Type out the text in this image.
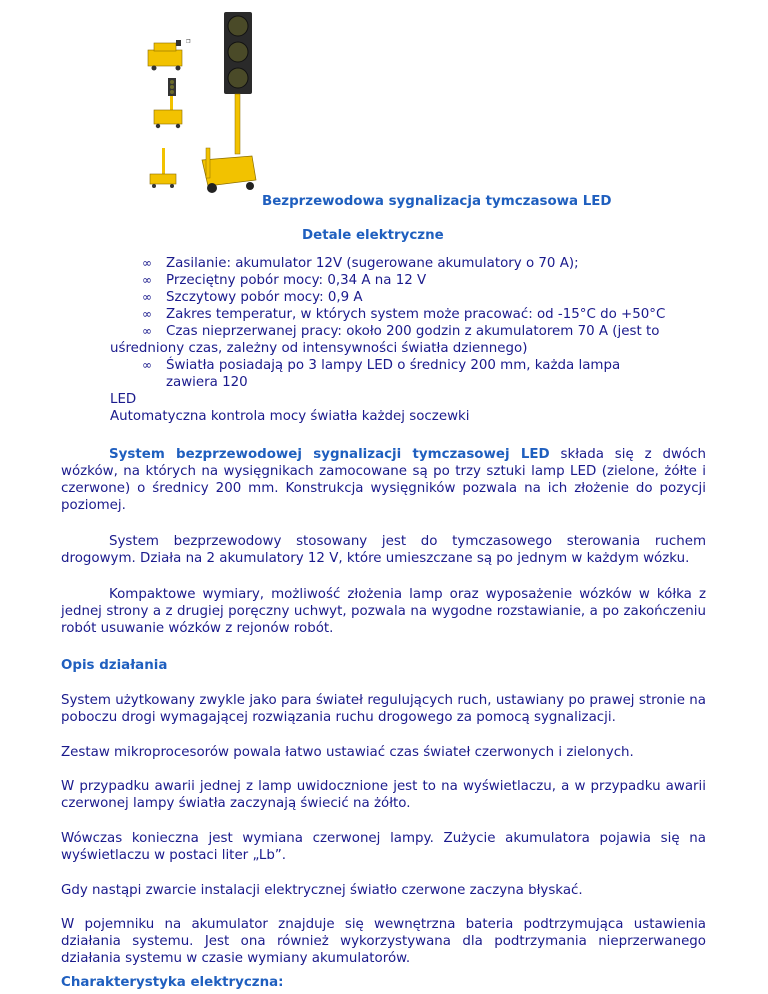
❐

Bezprzewodowa sygnalizacja tymczasowa LED

Detale elektryczne

∞ Zasilanie: akumulator 12V (sugerowane akumulatory o 70 A);
∞ Przeciętny pobór mocy: 0,34 A na 12 V
∞ Szczytowy pobór mocy: 0,9 A
∞ Zakres temperatur, w których system może pracować: od -15°C do +50°C
∞ Czas nieprzerwanej pracy: około 200 godzin z akumulatorem 70 A (jest to
uśredniony czas, zależny od intensywności światła dziennego)
∞ Światła posiadają po 3 lampy LED o średnicy 200 mm, każda lampa zawiera 120
LED
Automatyczna kontrola mocy światła każdej soczewki

System bezprzewodowej sygnalizacji tymczasowej LED składa się z dwóch wózków, na których na wysięgnikach zamocowane są po trzy sztuki lamp LED (zielone, żółte i czerwone) o średnicy 200 mm. Konstrukcja wysięgników pozwala na ich złożenie do pozycji poziomej.

System bezprzewodowy stosowany jest do tymczasowego sterowania ruchem drogowym. Działa na 2 akumulatory 12 V, które umieszczane są po jednym w każdym wózku.

Kompaktowe wymiary, możliwość złożenia lamp oraz wyposażenie wózków w kółka z jednej strony a z drugiej poręczny uchwyt, pozwala na wygodne rozstawianie, a po zakończeniu robót usuwanie wózków z rejonów robót.

Opis działania

System użytkowany zwykle jako para świateł regulujących ruch, ustawiany po prawej stronie na poboczu drogi wymagającej rozwiązania ruchu drogowego za pomocą sygnalizacji.

Zestaw mikroprocesorów powala łatwo ustawiać czas świateł czerwonych i zielonych.

W przypadku awarii jednej z lamp uwidocznione jest to na wyświetlaczu, a w przypadku awarii czerwonej lampy światła zaczynają świecić na żółto.

Wówczas konieczna jest wymiana czerwonej lampy. Zużycie akumulatora pojawia się na wyświetlaczu w postaci liter „Lb”.

Gdy nastąpi zwarcie instalacji elektrycznej światło czerwone zaczyna błyskać.

W pojemniku na akumulator znajduje się wewnętrzna bateria podtrzymująca ustawienia działania systemu. Jest ona również wykorzystywana dla podtrzymania nieprzerwanego działania systemu w czasie wymiany akumulatorów.

Charakterystyka elektryczna:
